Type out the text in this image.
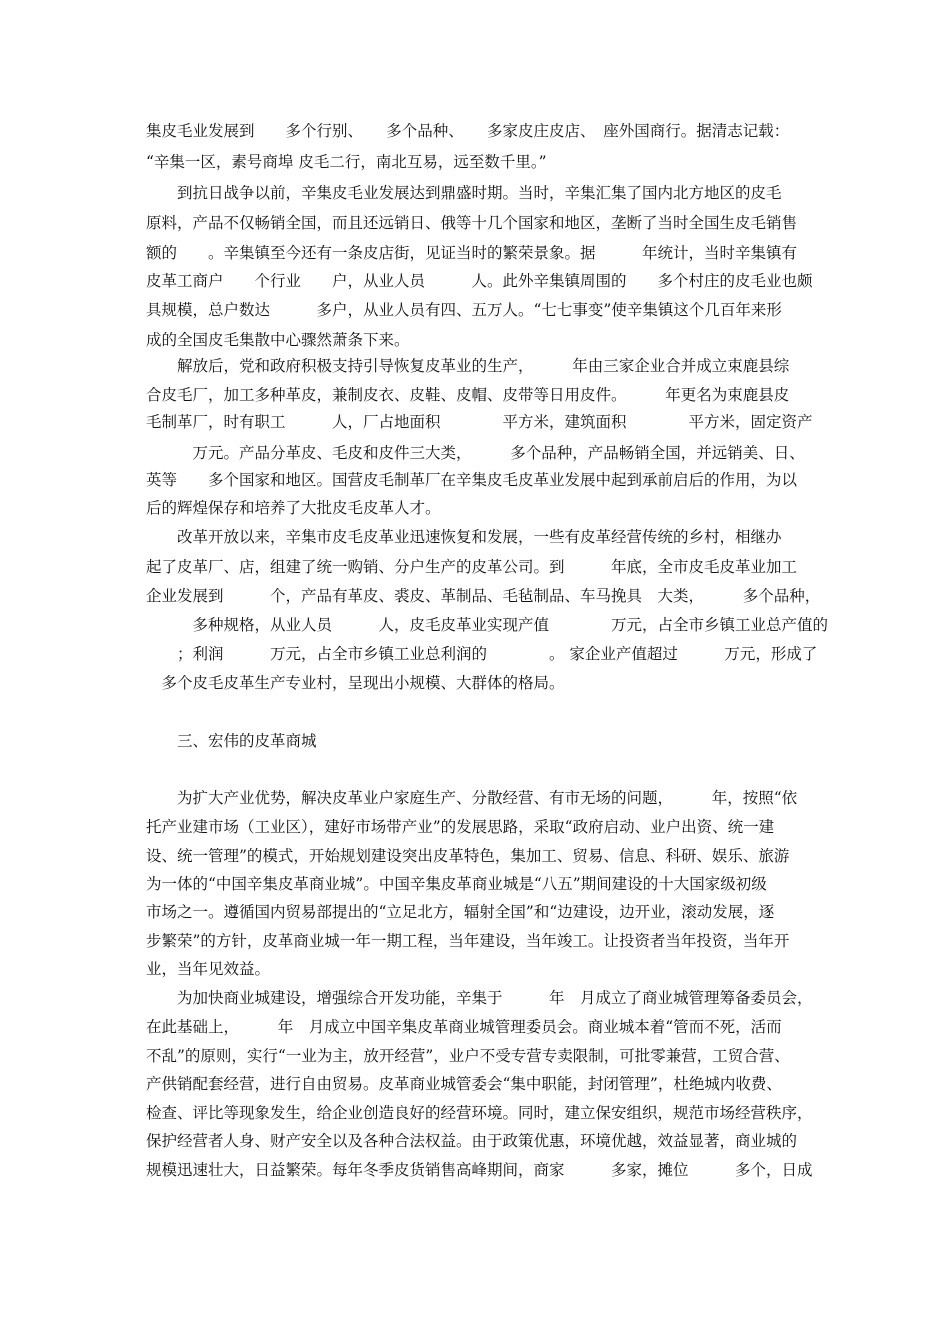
集皮毛业发展到　　多个行别、　　多个品种、　　多家皮庄皮店、　座外国商行。据清志记载：

“辛集一区，素号商埠 皮毛二行，南北互易，远至数千里。”

　　到抗日战争以前，辛集皮毛业发展达到鼎盛时期。当时，辛集汇集了国内北方地区的皮毛

原料，产品不仅畅销全国，而且还远销日、俄等十几个国家和地区，垄断了当时全国生皮毛销售

额的　　。辛集镇至今还有一条皮店街，见证当时的繁荣景象。据　　　年统计，当时辛集镇有

皮革工商户　　个行业　　户，从业人员　　　人。此外辛集镇周围的　　多个村庄的皮毛业也颇

具规模，总户数达　　　多户，从业人员有四、五万人。“七七事变”使辛集镇这个几百年来形

成的全国皮毛集散中心骤然萧条下来。

　　解放后，党和政府积极支持引导恢复皮革业的生产，　　　年由三家企业合并成立束鹿县综

合皮毛厂，加工多种革皮，兼制皮衣、皮鞋、皮帽、皮带等日用皮件。　　　年更名为束鹿县皮

毛制革厂，时有职工　　　人，厂占地面积　　　　平方米，建筑面积　　　　平方米，固定资产

　　　万元。产品分革皮、毛皮和皮件三大类，　　　多个品种，产品畅销全国，并远销美、日、

英等　　多个国家和地区。国营皮毛制革厂在辛集皮毛皮革业发展中起到承前启后的作用，为以

后的辉煌保存和培养了大批皮毛皮革人才。

　　改革开放以来，辛集市皮毛皮革业迅速恢复和发展，一些有皮革经营传统的乡村，相继办

起了皮革厂、店，组建了统一购销、分户生产的皮革公司。到　　　年底，全市皮毛皮革业加工

企业发展到　　　个，产品有革皮、裘皮、革制品、毛毡制品、车马挽具　大类，　　　多个品种，

　　　多种规格，从业人员　　　人，皮毛皮革业实现产值　　　　万元，占全市乡镇工业总产值的

　　；利润　　　万元，占全市乡镇工业总利润的　　　　。 家企业产值超过　　　万元，形成了

　多个皮毛皮革生产专业村，呈现出小规模、大群体的格局。

　　三、宏伟的皮革商城

　　为扩大产业优势，解决皮革业户家庭生产、分散经营、有市无场的问题，　　　年，按照“依

托产业建市场（工业区），建好市场带产业”的发展思路，采取“政府启动、业户出资、统一建

设、统一管理”的模式，开始规划建设突出皮革特色，集加工、贸易、信息、科研、娱乐、旅游

为一体的“中国辛集皮革商业城”。中国辛集皮革商业城是“八五”期间建设的十大国家级初级

市场之一。遵循国内贸易部提出的“立足北方，辐射全国”和“边建设，边开业，滚动发展，逐

步繁荣”的方针，皮革商业城一年一期工程，当年建设，当年竣工。让投资者当年投资，当年开

业，当年见效益。

　　为加快商业城建设，增强综合开发功能，辛集于　　　年　月成立了商业城管理筹备委员会，

在此基础上，　　　年　月成立中国辛集皮革商业城管理委员会。商业城本着“管而不死，活而

不乱”的原则，实行“一业为主，放开经营”，业户不受专营专卖限制，可批零兼营，工贸合营、

产供销配套经营，进行自由贸易。皮革商业城管委会“集中职能，封闭管理”，杜绝城内收费、

检查、评比等现象发生，给企业创造良好的经营环境。同时，建立保安组织，规范市场经营秩序，

保护经营者人身、财产安全以及各种合法权益。由于政策优惠，环境优越，效益显著，商业城的

规模迅速壮大，日益繁荣。每年冬季皮货销售高峰期间，商家　　　多家，摊位　　　多个，日成
